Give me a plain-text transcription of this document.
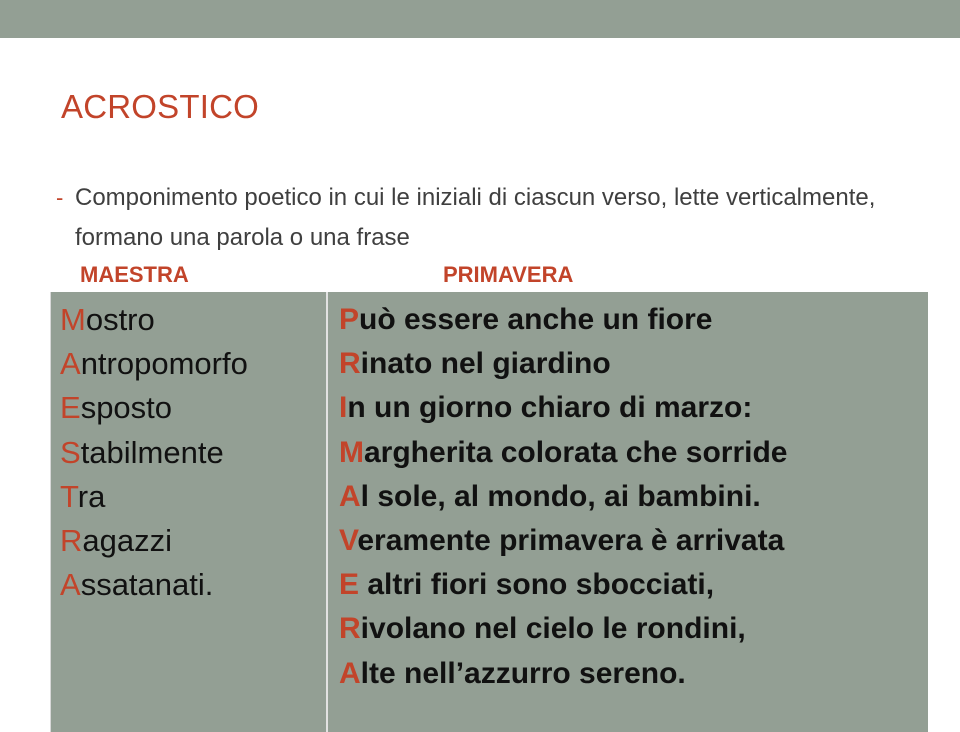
ACROSTICO
- Componimento poetico in cui le iniziali di ciascun verso, lette verticalmente, formano una parola o una frase
MAESTRA	PRIMAVERA
Mostro
Antropomorfo
Esposto
Stabilmente
Tra
Ragazzi
Assatanati.
Può essere anche un fiore
Rinato nel giardino
In un giorno chiaro di marzo:
Margherita colorata che sorride
Al sole, al mondo, ai bambini.
Veramente primavera è arrivata
E altri fiori sono sbocciati,
Rivolano nel cielo le rondini,
Alte nell’azzurro sereno.
